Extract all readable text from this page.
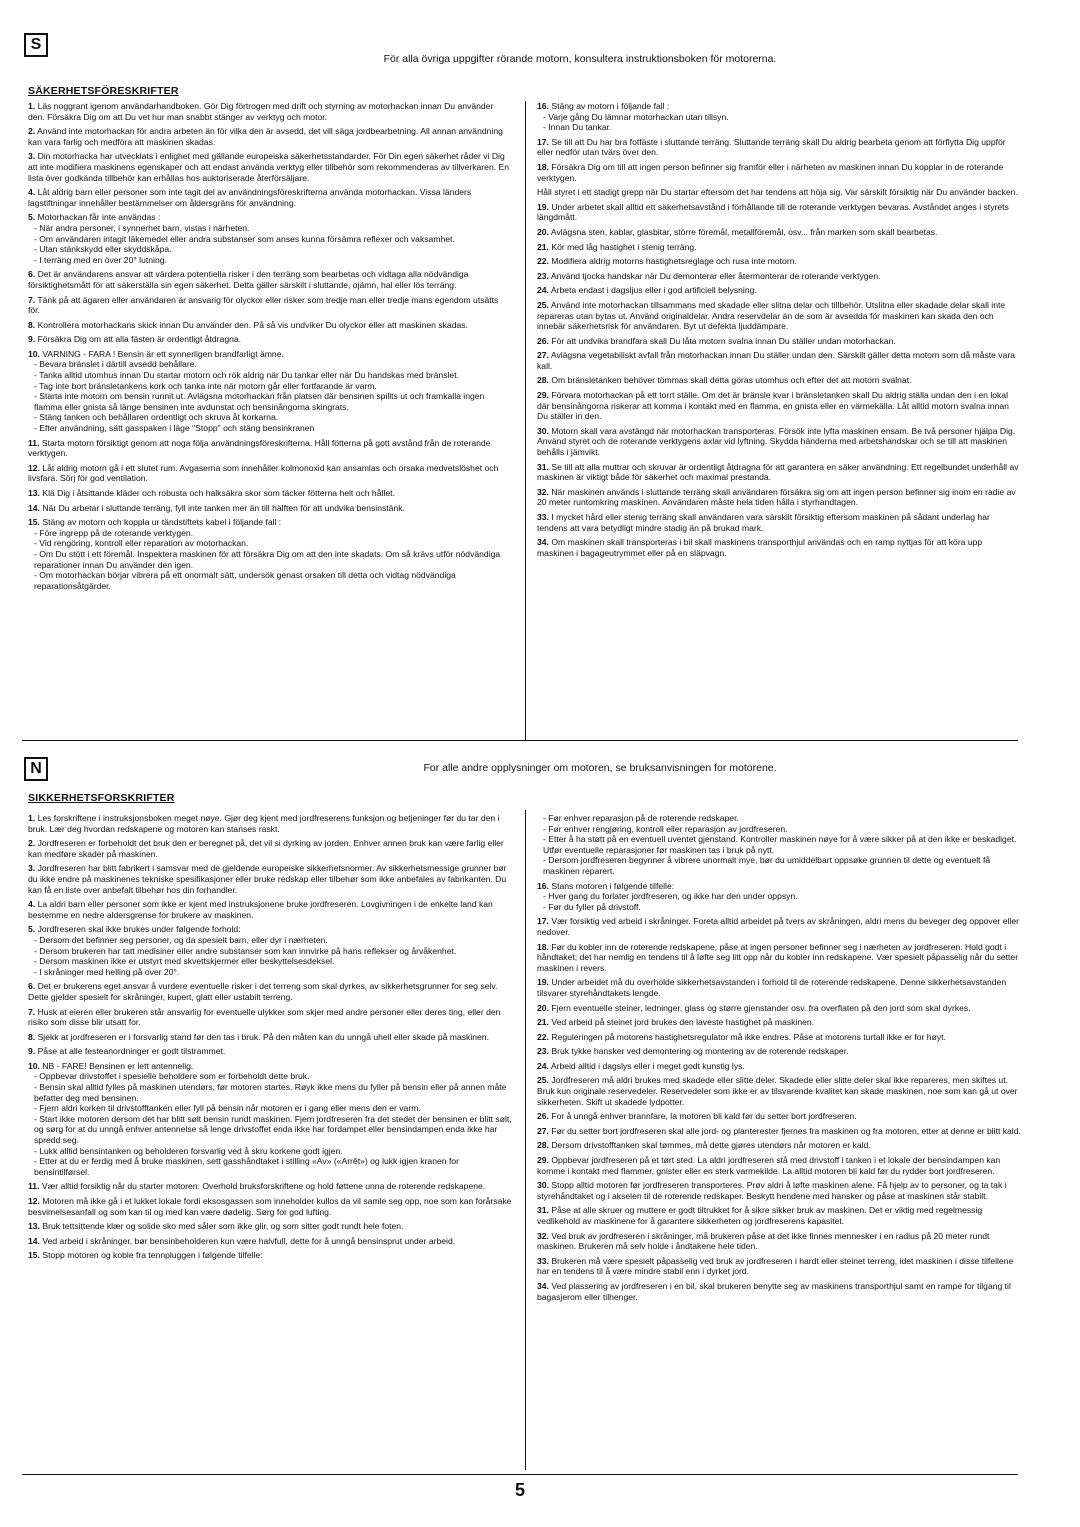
S
För alla övriga uppgifter rörande motorn, konsultera instruktionsboken för motorerna.
SÄKERHETSFÖRESKRIFTER

1. Läs noggrant igenom användarhandboken. Gör Dig förtrogen med drift och styrning av motorhackan innan Du använder den. Försäkra Dig om att Du vet hur man snabbt stänger av verktyg och motor.

2. Använd inte motorhackan för andra arbeten än för vilka den är avsedd, det vill säga jordbearbetning. All annan användning kan vara farlig och medföra att maskinen skadas.

3. Din motorhacka har utvecklats i enlighet med gällande europeiska säkerhetsstandarder. För Din egen säkerhet råder vi Dig att inte modifiera maskinens egenskaper och att endast använda verktyg eller tillbehör som rekommenderas av tillverkaren. En lista över godkända tillbehör kan erhållas hos auktoriserade återförsäljare.

4. Låt aldrig barn eller personer som inte tagit del av användningsföreskrifterna använda motorhackan. Vissa länders lagstiftningar innehåller bestämmelser om åldersgräns för användning.

5. Motorhackan får inte användas :
- När andra personer, i synnerhet barn, vistas i närheten.
- Om användaren intagit läkemedel eller andra substanser som anses kunna försämra reflexer och vaksamhet.
- Utan stänkskydd eller skyddskåpa.
- I terräng med en över 20° lutning.

6. Det är användarens ansvar att värdera potentiella risker i den terräng som bearbetas och vidtaga alla nödvändiga försiktighetsmått för att säkerställa sin egen säkerhet. Detta gäller särskilt i sluttande, ojämn, hal eller lös terräng.

7. Tänk på att ägaren eller användaren är ansvarig för olyckor eller risker som tredje man eller tredje mans egendom utsätts för.

8. Kontrollera motorhackans skick innan Du använder den. På så vis undviker Du olyckor eller att maskinen skadas.

9. Försäkra Dig om att alla fästen är ordentligt åtdragna.

10. VARNING - FARA ! Bensin är ett synnerligen brandfarligt ämne.
- Bevara bränslet i därtill avsedd behållare.
- Tanka alltid utomhus innan Du startar motorn och rök aldrig när Du tankar eller när Du handskas med bränslet.
- Tag inte bort bränsletankens kork och tanka inte när motorn går eller fortfarande är varm.
- Starta inte motorn om bensin runnit ut. Avlägsna motorhackan från platsen där bensinen spillts ut och framkalla ingen flamma eller gnista så länge bensinen inte avdunstat och bensinångorna skingrats.
- Stäng tanken och behållaren ordentligt och skruva åt korkarna.
- Efter användning, sätt gasspaken i läge "Stopp" och stäng bensinkranen

11. Starta motorn försiktigt genom att noga följa användningsföreskrifterna. Håll fötterna på gott avstånd från de roterande verktygen.

12. Låt aldrig motorn gå i ett slutet rum. Avgaserna som innehåller kolmonoxid kan ansamlas och orsaka medvetslöshet och livsfara. Sörj för god ventilation.

13. Klä Dig i åtsittande kläder och robusta och halksäkra skor som täcker fötterna helt och hållet.

14. När Du arbetar i sluttande terräng, fyll inte tanken mer än till hälften för att undvika bensinstänk.

15. Stäng av motorn och koppla ur tändstiftets kabel i följande fall :
- Före ingrepp på de roterande verktygen.
- Vid rengöring, kontroll eller reparation av motorhackan.
- Om Du stött i ett föremål. Inspektera maskinen för att försäkra Dig om att den inte skadats. Om så krävs utför nödvändiga reparationer innan Du använder den igen.
- Om motorhackan börjar vibrera på ett onormalt sätt, undersök genast orsaken till detta och vidtag nödvändiga reparationsåtgärder.

16. Stäng av motorn i följande fall :
- Varje gång Du lämnar motorhackan utan tillsyn.
- Innan Du tankar.

17. Se till att Du har bra fotfäste i sluttande terräng. Sluttande terräng skall Du aldrig bearbeta genom att förflytta Dig uppför eller nedför utan tvärs över den.

18. Försäkra Dig om till att ingen person befinner sig framför eller i närheten av maskinen innan Du kopplar in de roterande verktygen.

Håll styret i ett stadigt grepp när Du startar eftersom det har tendens att höja sig. Var särskilt försiktig när Du använder backen.

19. Under arbetet skall alltid ett säkerhetsavstånd i förhållande till de roterande verktygen bevaras. Avståndet anges i styrets längdmått.

20. Avlägsna sten, kablar, glasbitar, större föremål, metallföremål, osv... från marken som skall bearbetas.

21. Kör med låg hastighet i stenig terräng.

22. Modifiera aldrig motorns hastighetsreglage och rusa inte motorn.

23. Använd tjocka handskar när Du demonterar eller återmonterar de roterande verktygen.

24. Arbeta endast i dagsljus eller i god artificiell belysning.

25. Använd inte motorhackan tillsammans med skadade eller slitna delar och tillbehör. Utslitna eller skadade delar skall inte repareras utan bytas ut. Använd originaldelar. Andra reservdelar än de som är avsedda för maskinen kan skada den och innebär säkerhetsrisk för användaren. Byt ut defekta ljuddämpare.

26. För att undvika brandfara skall Du låta motorn svalna innan Du ställer undan motorhackan.

27. Avlägsna vegetabiliskt avfall från motorhackan innan Du ställer undan den. Särskilt gäller detta motorn som då måste vara kall.

28. Om bränsletanken behöver tömmas skall detta göras utomhus och efter det att motorn svalnat.

29. Förvara motorhackan på ett torrt ställe. Om det är bränsle kvar i bränsletanken skall Du aldrig ställa undan den i en lokal där bensinångorna riskerar att komma i kontakt med en flamma, en gnista eller en värmekälla. Låt alltid motorn svalna innan Du ställer in den.

30. Motorn skall vara avstängd när motorhackan transporteras. Försök inte lyfta maskinen ensam. Be två personer hjälpa Dig. Använd styret och de roterande verktygens axlar vid lyftning. Skydda händerna med arbetshandskar och se till att maskinen behålls i jämvikt.

31. Se till att alla muttrar och skruvar är ordentligt åtdragna för att garantera en säker användning. Ett regelbundet underhåll av maskinen är viktigt både för säkerhet och maximal prestanda.

32. När maskinen används i sluttande terräng skall användaren försäkra sig om att ingen person befinner sig inom en radie av 20 meter runtomkring maskinen. Användaren måste hela tiden hålla i styrhandtagen.

33. I mycket hård eller stenig terräng skall användaren vara särskilt försiktig eftersom maskinen på sådant underlag har tendens att vara betydligt mindre stadig än på brukad mark.

34. Om maskinen skall transporteras i bil skall maskinens transporthjul användas och en ramp nyttjas för att köra upp maskinen i bagageutrymmet eller på en släpvagn.

N	For alle andre opplysninger om motoren, se bruksanvisningen for motorene.
SIKKERHETSFORSKRIFTER

1. Les forskriftene i instruksjonsboken meget nøye. Gjør deg kjent med jordfreserens funksjon og betjeninger før du tar den i bruk. Lær deg hvordan redskapene og motoren kan stanses raskt.

2. Jordfreseren er forbeholdt det bruk den er beregnet på, det vil si dyrking av jorden. Enhver annen bruk kan være farlig eller kan medføre skader på maskinen.

3. Jordfreseren har blitt fabrikert i samsvar med de gjeldende europeiske sikkerhetsnormer. Av sikkerhetsmessige grunner bør du ikke endre på maskinenes tekniske spesifikasjoner eller bruke redskap eller tilbehør som ikke anbefales av fabrikanten. Du kan få en liste over anbefalt tilbehør hos din forhandler.

4. La aldri barn eller personer som ikke er kjent med instruksjonene bruke jordfreseren. Lovgivningen i de enkelte land kan bestemme en nedre aldersgrense for brukere av maskinen.

5. Jordfreseren skal ikke brukes under følgende forhold:
- Dersom det befinner seg personer, og da spesielt barn, eller dyr i nærheten.
- Dersom brukeren har tatt medisiner eller andre substanser som kan innvirke på hans reflekser og årvåkenhet.
- Dersom maskinen ikke er utstyrt med skvettskjermer eller beskyttelsesdeksel.
- I skråninger med helling på over 20°.

6. Det er brukerens eget ansvar å vurdere eventuelle risker i det terreng som skal dyrkes, av sikkerhetsgrunner for seg selv. Dette gjelder spesielt for skråninger, kupert, glatt eller ustabilt terreng.

7. Husk at eieren eller brukeren står ansvarlig for eventuelle ulykker som skjer med andre personer eller deres ting, eller den risiko som disse blir utsatt for.

8. Sjekk at jordfreseren er i forsvarlig stand før den tas i bruk. På den måten kan du unngå uhell eller skade på maskinen.

9. Påse at alle festeanordninger er godt tilstrammet.

10. NB - FARE! Bensinen er lett antennelig.
- Oppbevar drivstoffet i spesielle beholdere som er forbeholdt dette bruk.
- Bensin skal alltid fylles på maskinen utendørs, før motoren startes. Røyk ikke mens du fyller på bensin eller på annen måte befatter deg med bensinen.
- Fjern aldri korken til drivstofftanken eller fyll på bensin når motoren er i gang eller mens den er varm.
- Start ikke motoren dersom det har blitt sølt bensin rundt maskinen. Fjern jordfreseren fra det stedet der bensinen er blitt sølt, og sørg for at du unngå enhver antennelse så lenge drivstoffet enda ikke har fordampet eller bensindampen enda ikke har spredd seg.
- Lukk alltid bensintanken og beholderen forsvarlig ved å skru korkene godt igjen.
- Etter at du er ferdig med å bruke maskinen, sett gasshåndtaket i stilling «Av» («Arrêt») og lukk igjen kranen for bensintilførsel.

11. Vær alltid forsiktig når du starter motoren. Overhold bruksforskriftene og hold føttene unna de roterende redskapene.

12. Motoren må ikke gå i et lukket lokale fordi eksosgassen som inneholder kullos da vil samle seg opp, noe som kan forårsake besvimelsesanfall og som kan til og med kan være dødelig. Sørg for god lufting.

13. Bruk tettsittende klær og solide sko med såler som ikke glir, og som sitter godt rundt hele foten.

14. Ved arbeid i skråninger, bør bensinbeholderen kun være halvfull, dette for å unngå bensinsprut under arbeid.

15. Stopp motoren og koble fra tennpluggen i følgende tilfelle:

- Før enhver reparasjon på de roterende redskaper.
- Før enhver rengjøring, kontroll eller reparasjon av jordfreseren.
- Etter å ha støtt på en eventuell uventet gjenstand. Kontroller maskinen nøye for å være sikker på at den ikke er beskadiget. Utfør eventuelle reparasjoner før maskinen tas i bruk på nytt.
- Dersom jordfreseren begynner å vibrere unormalt mye, bør du umiddelbart oppsøke grunnen til dette og eventuelt få maskinen reparert.

16. Stans motoren i følgende tilfelle:
- Hver gang du forlater jordfreseren, og ikke har den under oppsyn.
- Før du fyller på drivstoff.

17. Vær forsiktig ved arbeid i skråninger. Foreta alltid arbeidet på tvers av skråningen, aldri mens du beveger deg oppover eller nedover.

18. Før du kobler inn de roterende redskapene, påse at ingen personer befinner seg i nærheten av jordfreseren. Hold godt i håndtaket; det har nemlig en tendens til å løfte seg litt opp når du kobler inn redskapene. Vær spesielt påpasselig når du setter maskinen i revers.

19. Under arbeidet må du overholde sikkerhetsavstanden i forhold til de roterende redskapene. Denne sikkerhetsavstanden tilsvarer styrehåndtakets lengde.

20. Fjern eventuelle steiner, ledninger, glass og større gjenstander osv. fra overflaten på den jord som skal dyrkes.

21. Ved arbeid på steinet jord brukes den laveste hastighet på maskinen.

22. Reguleringen på motorens hastighetsregulator må ikke endres. Påse at motorens turtall ikke er for høyt.

23. Bruk tykke hansker ved demontering og montering av de roterende redskaper.

24. Arbeid alltid i dagslys eller i meget godt kunstig lys.

25. Jordfreseren må aldri brukes med skadede eller slitte deler. Skadede eller slitte deler skal ikke repareres, men skiftes ut. Bruk kun originale reservedeler. Reservedeler som ikke er av tilsvarende kvalitet kan skade maskinen, noe som kan gå ut over sikkerheten. Skift ut skadede lydpotter.

26. For å unngå enhver brannfare, la motoren bli kald før du setter bort jordfreseren.

27. Før du setter bort jordfreseren skal alle jord- og planterester fjernes fra maskinen og fra motoren, etter at denne er blitt kald.

28. Dersom drivstofftanken skal tømmes, må dette gjøres utendørs når motoren er kald.

29. Oppbevar jordfreseren på et tørt sted. La aldri jordfreseren stå med drivstoff i tanken i et lokale der bensindampen kan komme i kontakt med flammer, gnister eller en sterk varmekilde. La alltid motoren bli kald før du rydder bort jordfreseren.

30. Stopp alltid motoren før jordfreseren transporteres. Prøv aldri å løfte maskinen alene. Få hjelp av to personer, og ta tak i styrehåndtaket og i akselen til de roterende redskaper. Beskytt hendene med hansker og påse at maskinen står stabilt.

31. Påse at alle skruer og muttere er godt tiltrukket for å sikre sikker bruk av maskinen. Det er viktig med regelmessig vedlikehold av maskinene for å garantere sikkerheten og jordfreserens kapasitet.

32. Ved bruk av jordfreseren i skråninger, må brukeren påse at det ikke finnes mennesker i en radius på 20 meter rundt maskinen. Brukeren må selv holde i åndtakene hele tiden.

33. Brukeren må være spesielt påpasselig ved bruk av jordfreseren i hardt eller steinet terreng, idet maskinen i disse tilfellene har en tendens til å være mindre stabil enn i dyrket jord.

34. Ved plassering av jordfreseren i en bil, skal brukeren benytte seg av maskinens transporthjul samt en rampe for tilgang til bagasjerom eller tilhenger.

5
